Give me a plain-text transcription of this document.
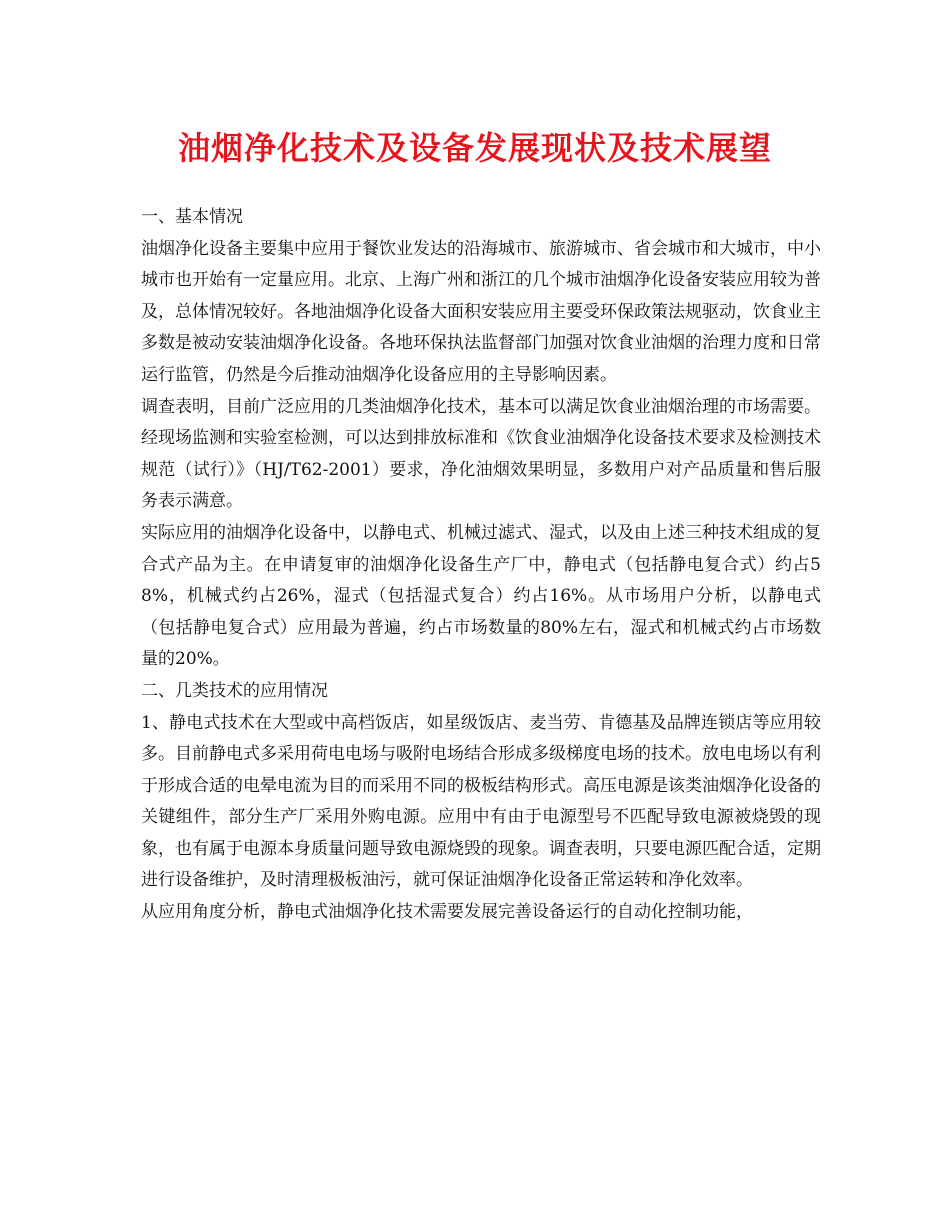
油烟净化技术及设备发展现状及技术展望

一、基本情况

油烟净化设备主要集中应用于餐饮业发达的沿海城市、旅游城市、省会城市和大城市，中小城市也开始有一定量应用。北京、上海广州和浙江的几个城市油烟净化设备安装应用较为普及，总体情况较好。各地油烟净化设备大面积安装应用主要受环保政策法规驱动，饮食业主多数是被动安装油烟净化设备。各地环保执法监督部门加强对饮食业油烟的治理力度和日常运行监管，仍然是今后推动油烟净化设备应用的主导影响因素。

调查表明，目前广泛应用的几类油烟净化技术，基本可以满足饮食业油烟治理的市场需要。经现场监测和实验室检测，可以达到排放标准和《饮食业油烟净化设备技术要求及检测技术规范（试行）》（HJ/T62-2001）要求，净化油烟效果明显，多数用户对产品质量和售后服务表示满意。

实际应用的油烟净化设备中，以静电式、机械过滤式、湿式，以及由上述三种技术组成的复合式产品为主。在申请复审的油烟净化设备生产厂中，静电式（包括静电复合式）约占58%，机械式约占26%，湿式（包括湿式复合）约占16%。从市场用户分析，以静电式（包括静电复合式）应用最为普遍，约占市场数量的80%左右，湿式和机械式约占市场数量的20%。

二、几类技术的应用情况

1、静电式技术在大型或中高档饭店，如星级饭店、麦当劳、肯德基及品牌连锁店等应用较多。目前静电式多采用荷电电场与吸附电场结合形成多级梯度电场的技术。放电电场以有利于形成合适的电晕电流为目的而采用不同的极板结构形式。高压电源是该类油烟净化设备的关键组件，部分生产厂采用外购电源。应用中有由于电源型号不匹配导致电源被烧毁的现象，也有属于电源本身质量问题导致电源烧毁的现象。调查表明，只要电源匹配合适，定期进行设备维护，及时清理极板油污，就可保证油烟净化设备正常运转和净化效率。

从应用角度分析，静电式油烟净化技术需要发展完善设备运行的自动化控制功能，
